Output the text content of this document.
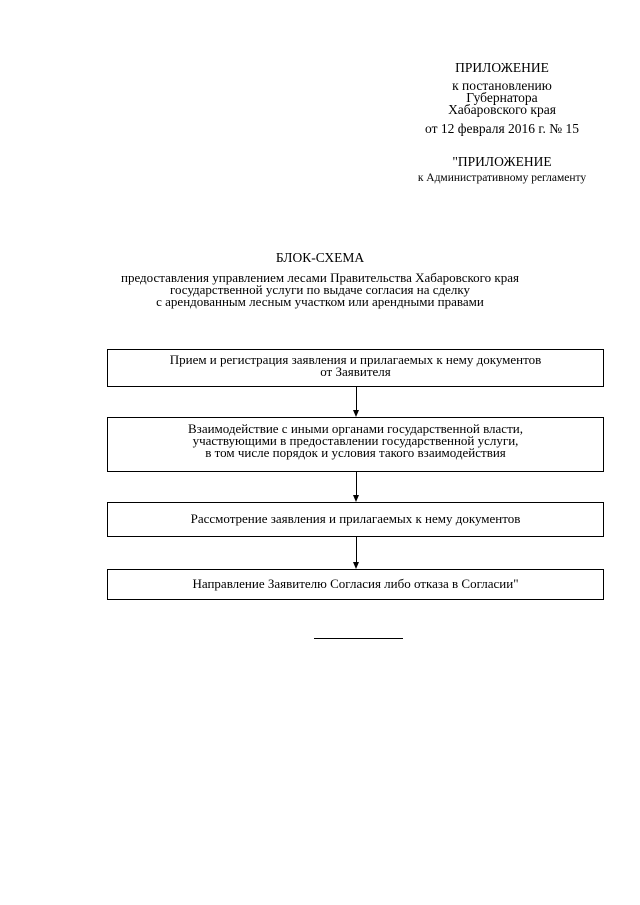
ПРИЛОЖЕНИЕ
к постановлению
Губернатора
Хабаровского края
от 12 февраля 2016 г. № 15
"ПРИЛОЖЕНИЕ
к Административному регламенту
БЛОК-СХЕМА
предоставления управлением лесами Правительства Хабаровского края
государственной услуги по выдаче согласия на сделку
с арендованным лесным участком или арендными правами
Прием и регистрация заявления и прилагаемых к нему документов
от Заявителя
Взаимодействие с иными органами государственной власти,
участвующими в предоставлении государственной услуги,
в том числе порядок и условия такого взаимодействия
Рассмотрение заявления и прилагаемых к нему документов
Направление Заявителю Согласия либо отказа в Согласии"
